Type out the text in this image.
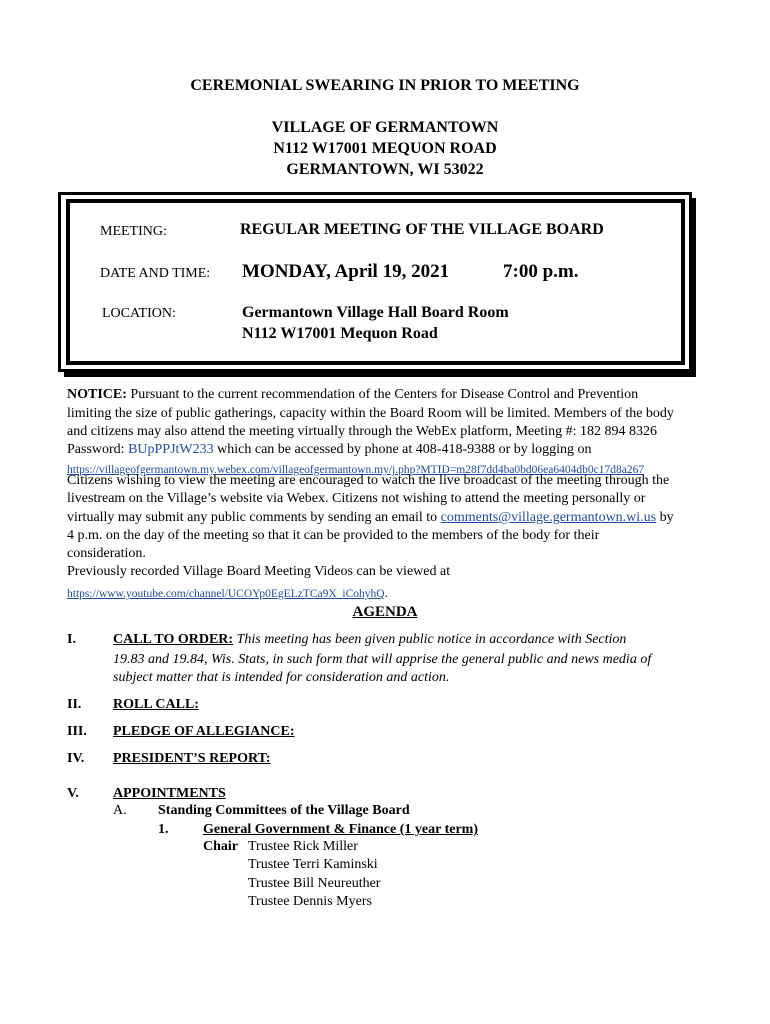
CEREMONIAL SWEARING IN PRIOR TO MEETING
VILLAGE OF GERMANTOWN
N112 W17001 MEQUON ROAD
GERMANTOWN, WI 53022
MEETING:	REGULAR MEETING OF THE VILLAGE BOARD
DATE AND TIME: MONDAY, April 19, 2021	7:00 p.m.
LOCATION:	Germantown Village Hall Board Room
N112 W17001 Mequon Road
NOTICE: Pursuant to the current recommendation of the Centers for Disease Control and Prevention
limiting the size of public gatherings, capacity within the Board Room will be limited. Members of the body
and citizens may also attend the meeting virtually through the WebEx platform, Meeting #: 182 894 8326
Password: BUpPPJtW233 which can be accessed by phone at 408-418-9388 or by logging on
https://villageofgermantown.my.webex.com/villageofgermantown.my/j.php?MTID=m28f7dd4ba0bd06ea6404db0c17d8a267
Citizens wishing to view the meeting are encouraged to watch the live broadcast of the meeting through the
livestream on the Village’s website via Webex. Citizens not wishing to attend the meeting personally or
virtually may submit any public comments by sending an email to comments@village.germantown.wi.us by
4 p.m. on the day of the meeting so that it can be provided to the members of the body for their
consideration.
Previously recorded Village Board Meeting Videos can be viewed at
https://www.youtube.com/channel/UCOYp0EgELzTCa9X_iCohyhQ.
AGENDA
I.	CALL TO ORDER: This meeting has been given public notice in accordance with Section
19.83 and 19.84, Wis. Stats, in such form that will apprise the general public and news media of
subject matter that is intended for consideration and action.
II. ROLL CALL:
III. PLEDGE OF ALLEGIANCE:
IV. PRESIDENT’S REPORT:
V. APPOINTMENTS
A. Standing Committees of the Village Board
1. General Government & Finance (1 year term)
Chair Trustee Rick Miller
Trustee Terri Kaminski
Trustee Bill Neureuther
Trustee Dennis Myers
